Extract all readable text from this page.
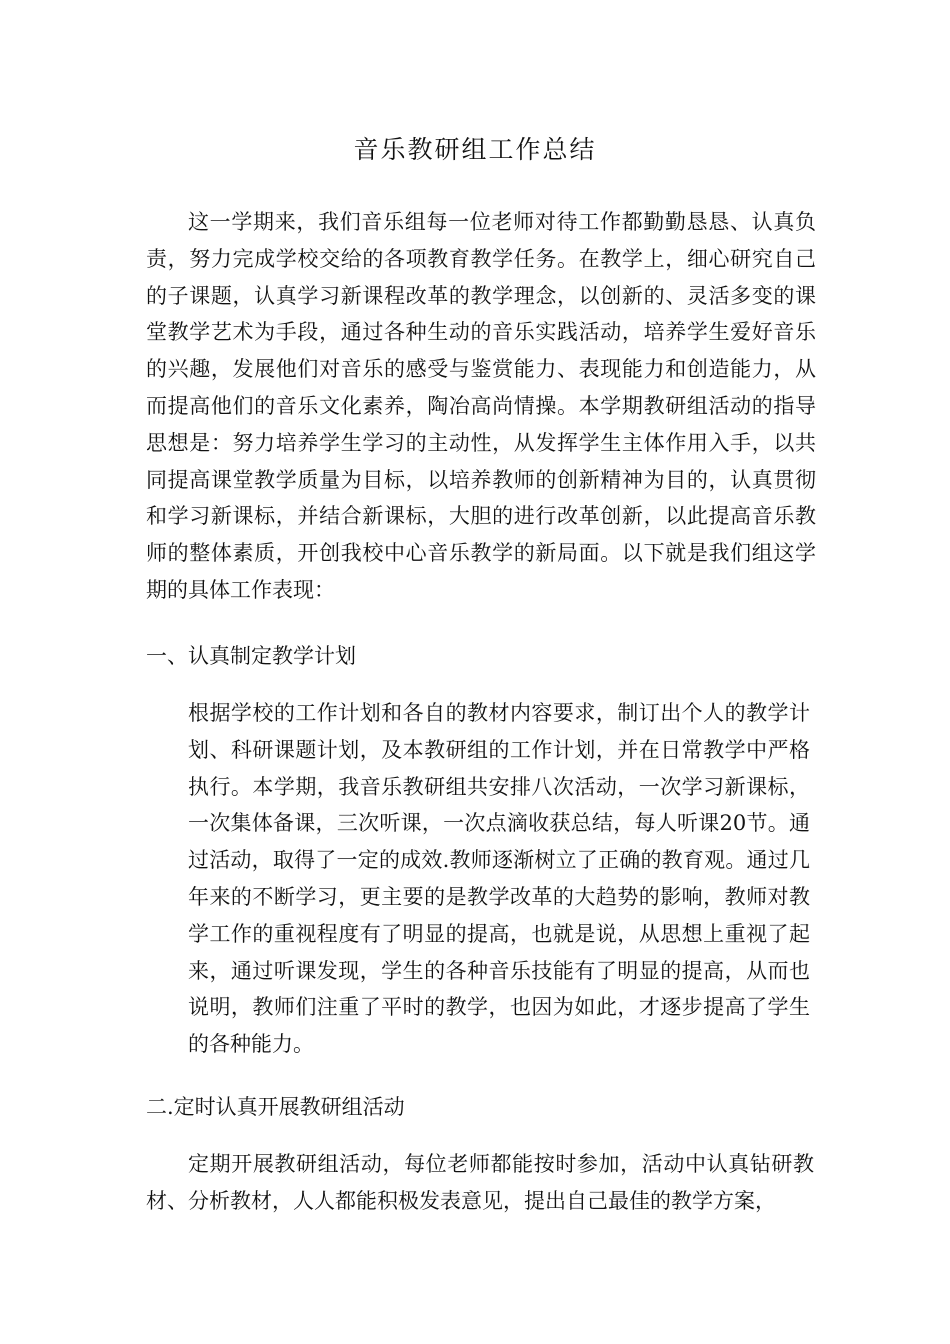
音乐教研组工作总结

这一学期来，我们音乐组每一位老师对待工作都勤勤恳恳、认真负责，努力完成学校交给的各项教育教学任务。在教学上，细心研究自己的子课题，认真学习新课程改革的教学理念，以创新的、灵活多变的课堂教学艺术为手段，通过各种生动的音乐实践活动，培养学生爱好音乐的兴趣，发展他们对音乐的感受与鉴赏能力、表现能力和创造能力，从而提高他们的音乐文化素养，陶冶高尚情操。本学期教研组活动的指导思想是：努力培养学生学习的主动性，从发挥学生主体作用入手，以共同提高课堂教学质量为目标，以培养教师的创新精神为目的，认真贯彻和学习新课标，并结合新课标，大胆的进行改革创新，以此提高音乐教师的整体素质，开创我校中心音乐教学的新局面。以下就是我们组这学期的具体工作表现：

一、认真制定教学计划

根据学校的工作计划和各自的教材内容要求，制订出个人的教学计划、科研课题计划，及本教研组的工作计划，并在日常教学中严格执行。本学期，我音乐教研组共安排八次活动，一次学习新课标，一次集体备课，三次听课，一次点滴收获总结，每人听课20节。通过活动，取得了一定的成效.教师逐渐树立了正确的教育观。通过几年来的不断学习，更主要的是教学改革的大趋势的影响，教师对教学工作的重视程度有了明显的提高，也就是说，从思想上重视了起来，通过听课发现，学生的各种音乐技能有了明显的提高，从而也说明，教师们注重了平时的教学，也因为如此，才逐步提高了学生的各种能力。

二.定时认真开展教研组活动

定期开展教研组活动，每位老师都能按时参加，活动中认真钻研教材、分析教材，人人都能积极发表意见，提出自己最佳的教学方案，
